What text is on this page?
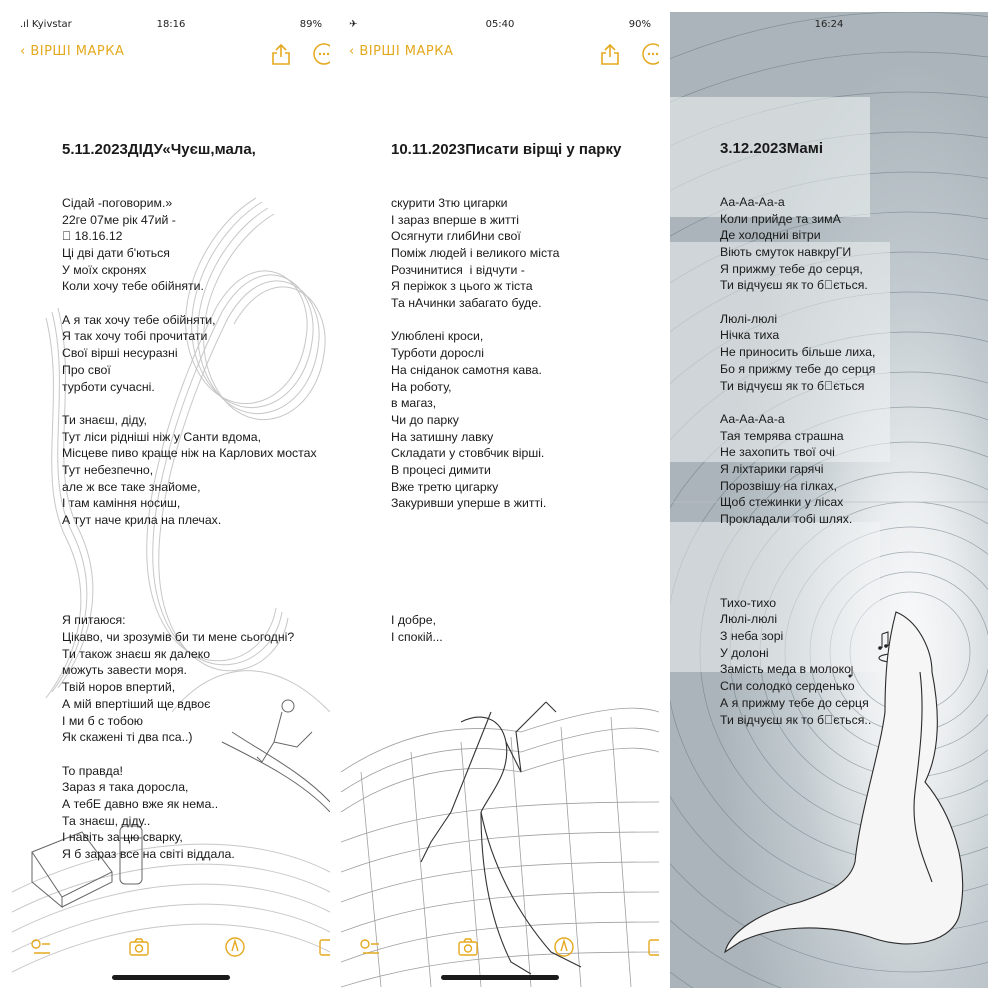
.ıl Kyivstar	18:16	89%
‹ ВІРШІ МАРКА

5.11.2023ДІДУ«Чуєш,мала,

Сідай -поговорим.»
22ге 07ме рік 47ий -
  18.16.12
Ці дві дати б'ються
У моїх скронях
Коли хочу тебе обійняти.
А я так хочу тебе обійняти,
Я так хочу тобі прочитати
Свої вірші несуразні
Про свої
турботи сучасні.
Ти знаєш, діду,
Тут ліси рідніші ніж у Санти вдома,
Місцеве пиво краще ніж на Карлових мостах
Тут небезпечно,
але ж все таке знайоме,
І там каміння носиш,
А тут наче крила на плечах.
Я питаюся:
Цікаво, чи зрозумів би ти мене сьогодні?
Ти також знаєш як далеко
можуть завести моря.
Твій норов впертий,
А мій впертіший ще вдвоє
І ми б с тобою
Як скажені ті два пса..)
То правда!
Зараз я така доросла,
А тебЕ давно вже як нема..
Та знаєш, діду..
І навіть за цю сварку,
Я б зараз все на світі віддала.

✈	05:40	90%
‹ ВІРШІ МАРКА

10.11.2023Писати вірщі у парку

скурити 3тю цигарки
І зараз вперше в житті
Осягнути глибИни свої
Поміж людей і великого міста
Розчинитися  і відчути -
Я періжок з цього ж тіста
Та нАчинки забагато буде.
Улюблені кроси,
Турботи дорослі
На сніданок самотня кава.
На роботу,
в магаз,
Чи до парку
На затишну лавку
Складати у стовбчик вірші.
В процесі димити
Вже третю цигарку
Закуривши уперше в житті.
І добре,
І спокій...

16:24

3.12.2023Мамі

Аа-Аа-Аа-а
Коли прийде та зимА
Де холодниі вітри
Віють смуток навкруГИ
Я прижму тебе до серця,
Ти відчуєш як то б ється.
Люлі-люлі
Нічка тиха
Не приносить більше лиха,
Бо я прижму тебе до серця
Ти відчуєш як то б ється
Аа-Аа-Аа-а
Тая темрява страшна
Не захопить твої очі
Я ліхтарики гарячі
Порозвішу на гілках,
Щоб стежинки у лісах
Прокладали тобі шлях.
Тихо-тихо
Люлі-люлі
З неба зорі
У долоні
Замість меда в молоко
Спи солодко серденько
А я прижму тебе до серця
Ти відчуєш як то б ється..
